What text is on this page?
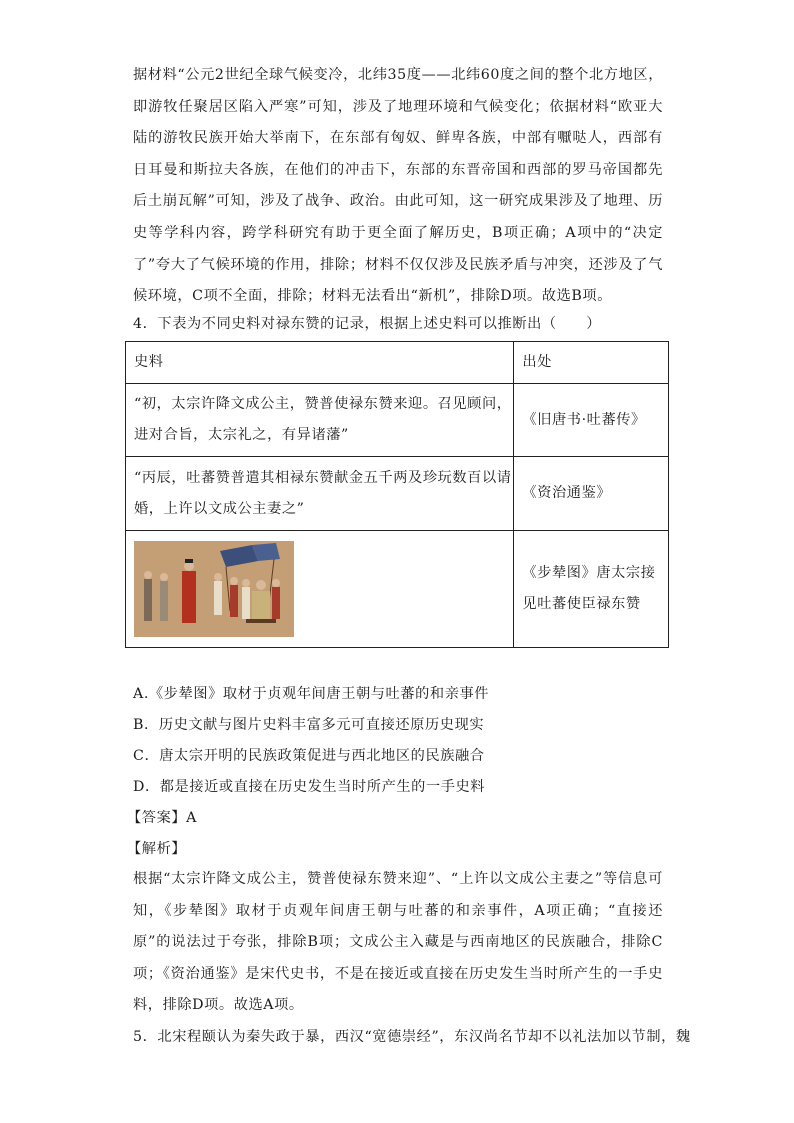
据材料“公元2世纪全球气候变冷，北纬35度——北纬60度之间的整个北方地区，即游牧任聚居区陷入严寒”可知，涉及了地理环境和气候变化；依据材料“欧亚大陆的游牧民族开始大举南下，在东部有匈奴、鲜卑各族，中部有嚈哒人，西部有日耳曼和斯拉夫各族，在他们的冲击下，东部的东晋帝国和西部的罗马帝国都先后土崩瓦解”可知，涉及了战争、政治。由此可知，这一研究成果涉及了地理、历史等学科内容，跨学科研究有助于更全面了解历史，B项正确；A项中的“决定了”夸大了气候环境的作用，排除；材料不仅仅涉及民族矛盾与冲突，还涉及了气候环境，C项不全面，排除；材料无法看出“新机”，排除D项。故选B项。
4．下表为不同史料对禄东赞的记录，根据上述史料可以推断出（　　）
史料	出处
“初，太宗许降文成公主，赞普使禄东赞来迎。召见顾问，进对合旨，太宗礼之，有异诸藩”	《旧唐书·吐蕃传》
“丙辰，吐蕃赞普遣其相禄东赞献金五千两及珍玩数百以请婚，上许以文成公主妻之”	《资治通鉴》

	《步辇图》唐太宗接见吐蕃使臣禄东赞
A.《步辇图》取材于贞观年间唐王朝与吐蕃的和亲事件
B．历史文献与图片史料丰富多元可直接还原历史现实
C．唐太宗开明的民族政策促进与西北地区的民族融合
D．都是接近或直接在历史发生当时所产生的一手史料
【答案】A
【解析】
根据“太宗许降文成公主，赞普使禄东赞来迎”、“上许以文成公主妻之”等信息可知，《步辇图》取材于贞观年间唐王朝与吐蕃的和亲事件，A项正确；“直接还原”的说法过于夸张，排除B项；文成公主入藏是与西南地区的民族融合，排除C项；《资治通鉴》是宋代史书，不是在接近或直接在历史发生当时所产生的一手史料，排除D项。故选A项。
5．北宋程颐认为秦失政于暴，西汉“宽德崇经”，东汉尚名节却不以礼法加以节制，魏
